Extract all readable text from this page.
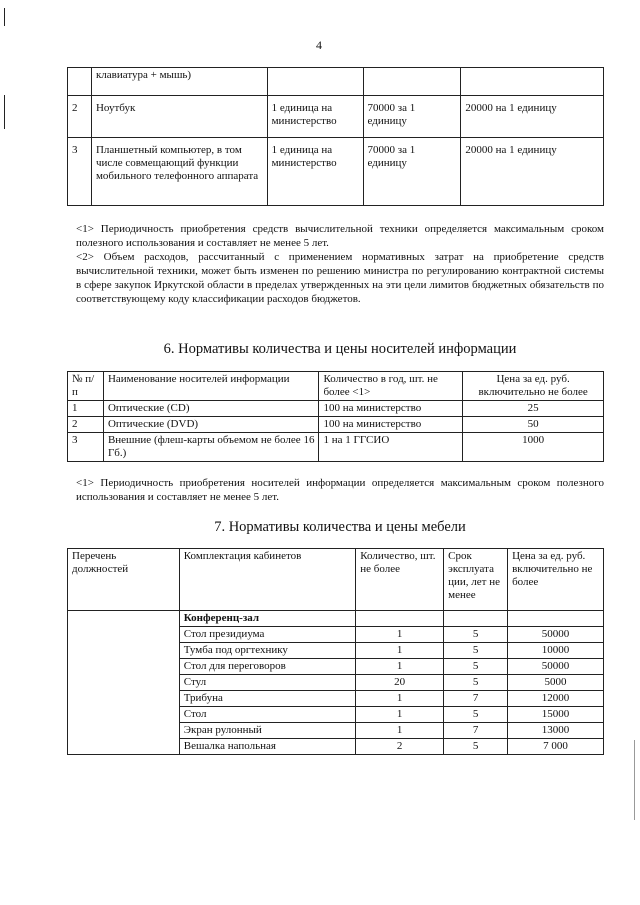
4
	клавиатура + мышь)			
2	Ноутбук	1 единица на министерство	70000 за 1 единицу	20000 на 1 единицу
3	Планшетный компьютер, в том числе совмещающий функции мобильного телефонного аппарата	1 единица на министерство	70000 за 1 единицу	20000 на 1 единицу

<1> Периодичность приобретения средств вычислительной техники определяется максимальным сроком полезного использования и составляет не менее 5 лет.

<2> Объем расходов, рассчитанный с применением нормативных затрат на приобретение средств вычислительной техники, может быть изменен по решению министра по регулированию контрактной системы в сфере закупок Иркутской области в пределах утвержденных на эти цели лимитов бюджетных обязательств по соответствующему коду классификации расходов бюджетов.

6. Нормативы количества и цены носителей информации
№ п/п	Наименование носителей информации	Количество в год, шт. не более <1>	Цена за ед. руб. включительно не более
1	Оптические (CD)	100 на министерство	25
2	Оптические (DVD)	100 на министерство	50
3	Внешние (флеш-карты объемом не более 16 Гб.)	1 на 1 ГГСИО	1000

<1> Периодичность приобретения носителей информации определяется максимальным сроком полезного использования и составляет не менее 5 лет.

7. Нормативы количества и цены мебели
Перечень должностей	Комплектация кабинетов	Количество, шт. не более	Срок эксплуата ции, лет не менее	Цена за ед. руб. включительно не более
	Конференц-зал			
	Стол президиума	1	5	50000
	Тумба под оргтехнику	1	5	10000
	Стол для переговоров	1	5	50000
	Стул	20	5	5000
	Трибуна	1	7	12000
	Стол	1	5	15000
	Экран рулонный	1	7	13000
	Вешалка напольная	2	5	7 000
